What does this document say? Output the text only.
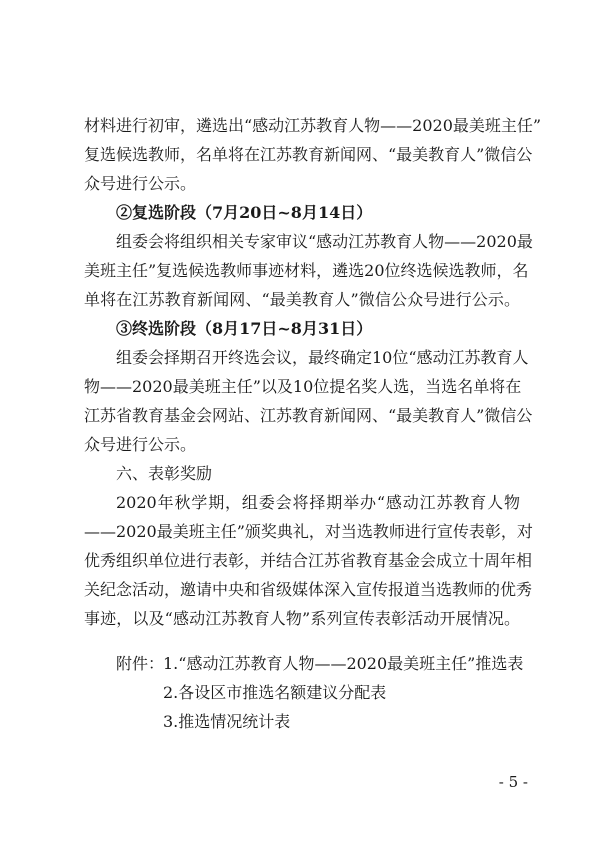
材料进行初审，遴选出“感动江苏教育人物——2020最美班主任”
复选候选教师，名单将在江苏教育新闻网、“最美教育人”微信公
众号进行公示。
②复选阶段（7月20日~8月14日）
组委会将组织相关专家审议“感动江苏教育人物——2020最
美班主任”复选候选教师事迹材料，遴选20位终选候选教师，名
单将在江苏教育新闻网、“最美教育人”微信公众号进行公示。
③终选阶段（8月17日~8月31日）
组委会择期召开终选会议，最终确定10位“感动江苏教育人
物——2020最美班主任”以及10位提名奖人选，当选名单将在
江苏省教育基金会网站、江苏教育新闻网、“最美教育人”微信公
众号进行公示。
六、表彰奖励
2020年秋学期，组委会将择期举办“感动江苏教育人物
——2020最美班主任”颁奖典礼，对当选教师进行宣传表彰，对
优秀组织单位进行表彰，并结合江苏省教育基金会成立十周年相
关纪念活动，邀请中央和省级媒体深入宣传报道当选教师的优秀
事迹，以及“感动江苏教育人物”系列宣传表彰活动开展情况。
附件：
1.“感动江苏教育人物——2020最美班主任”推选表
2.各设区市推选名额建议分配表
3.推选情况统计表
- 5 -
